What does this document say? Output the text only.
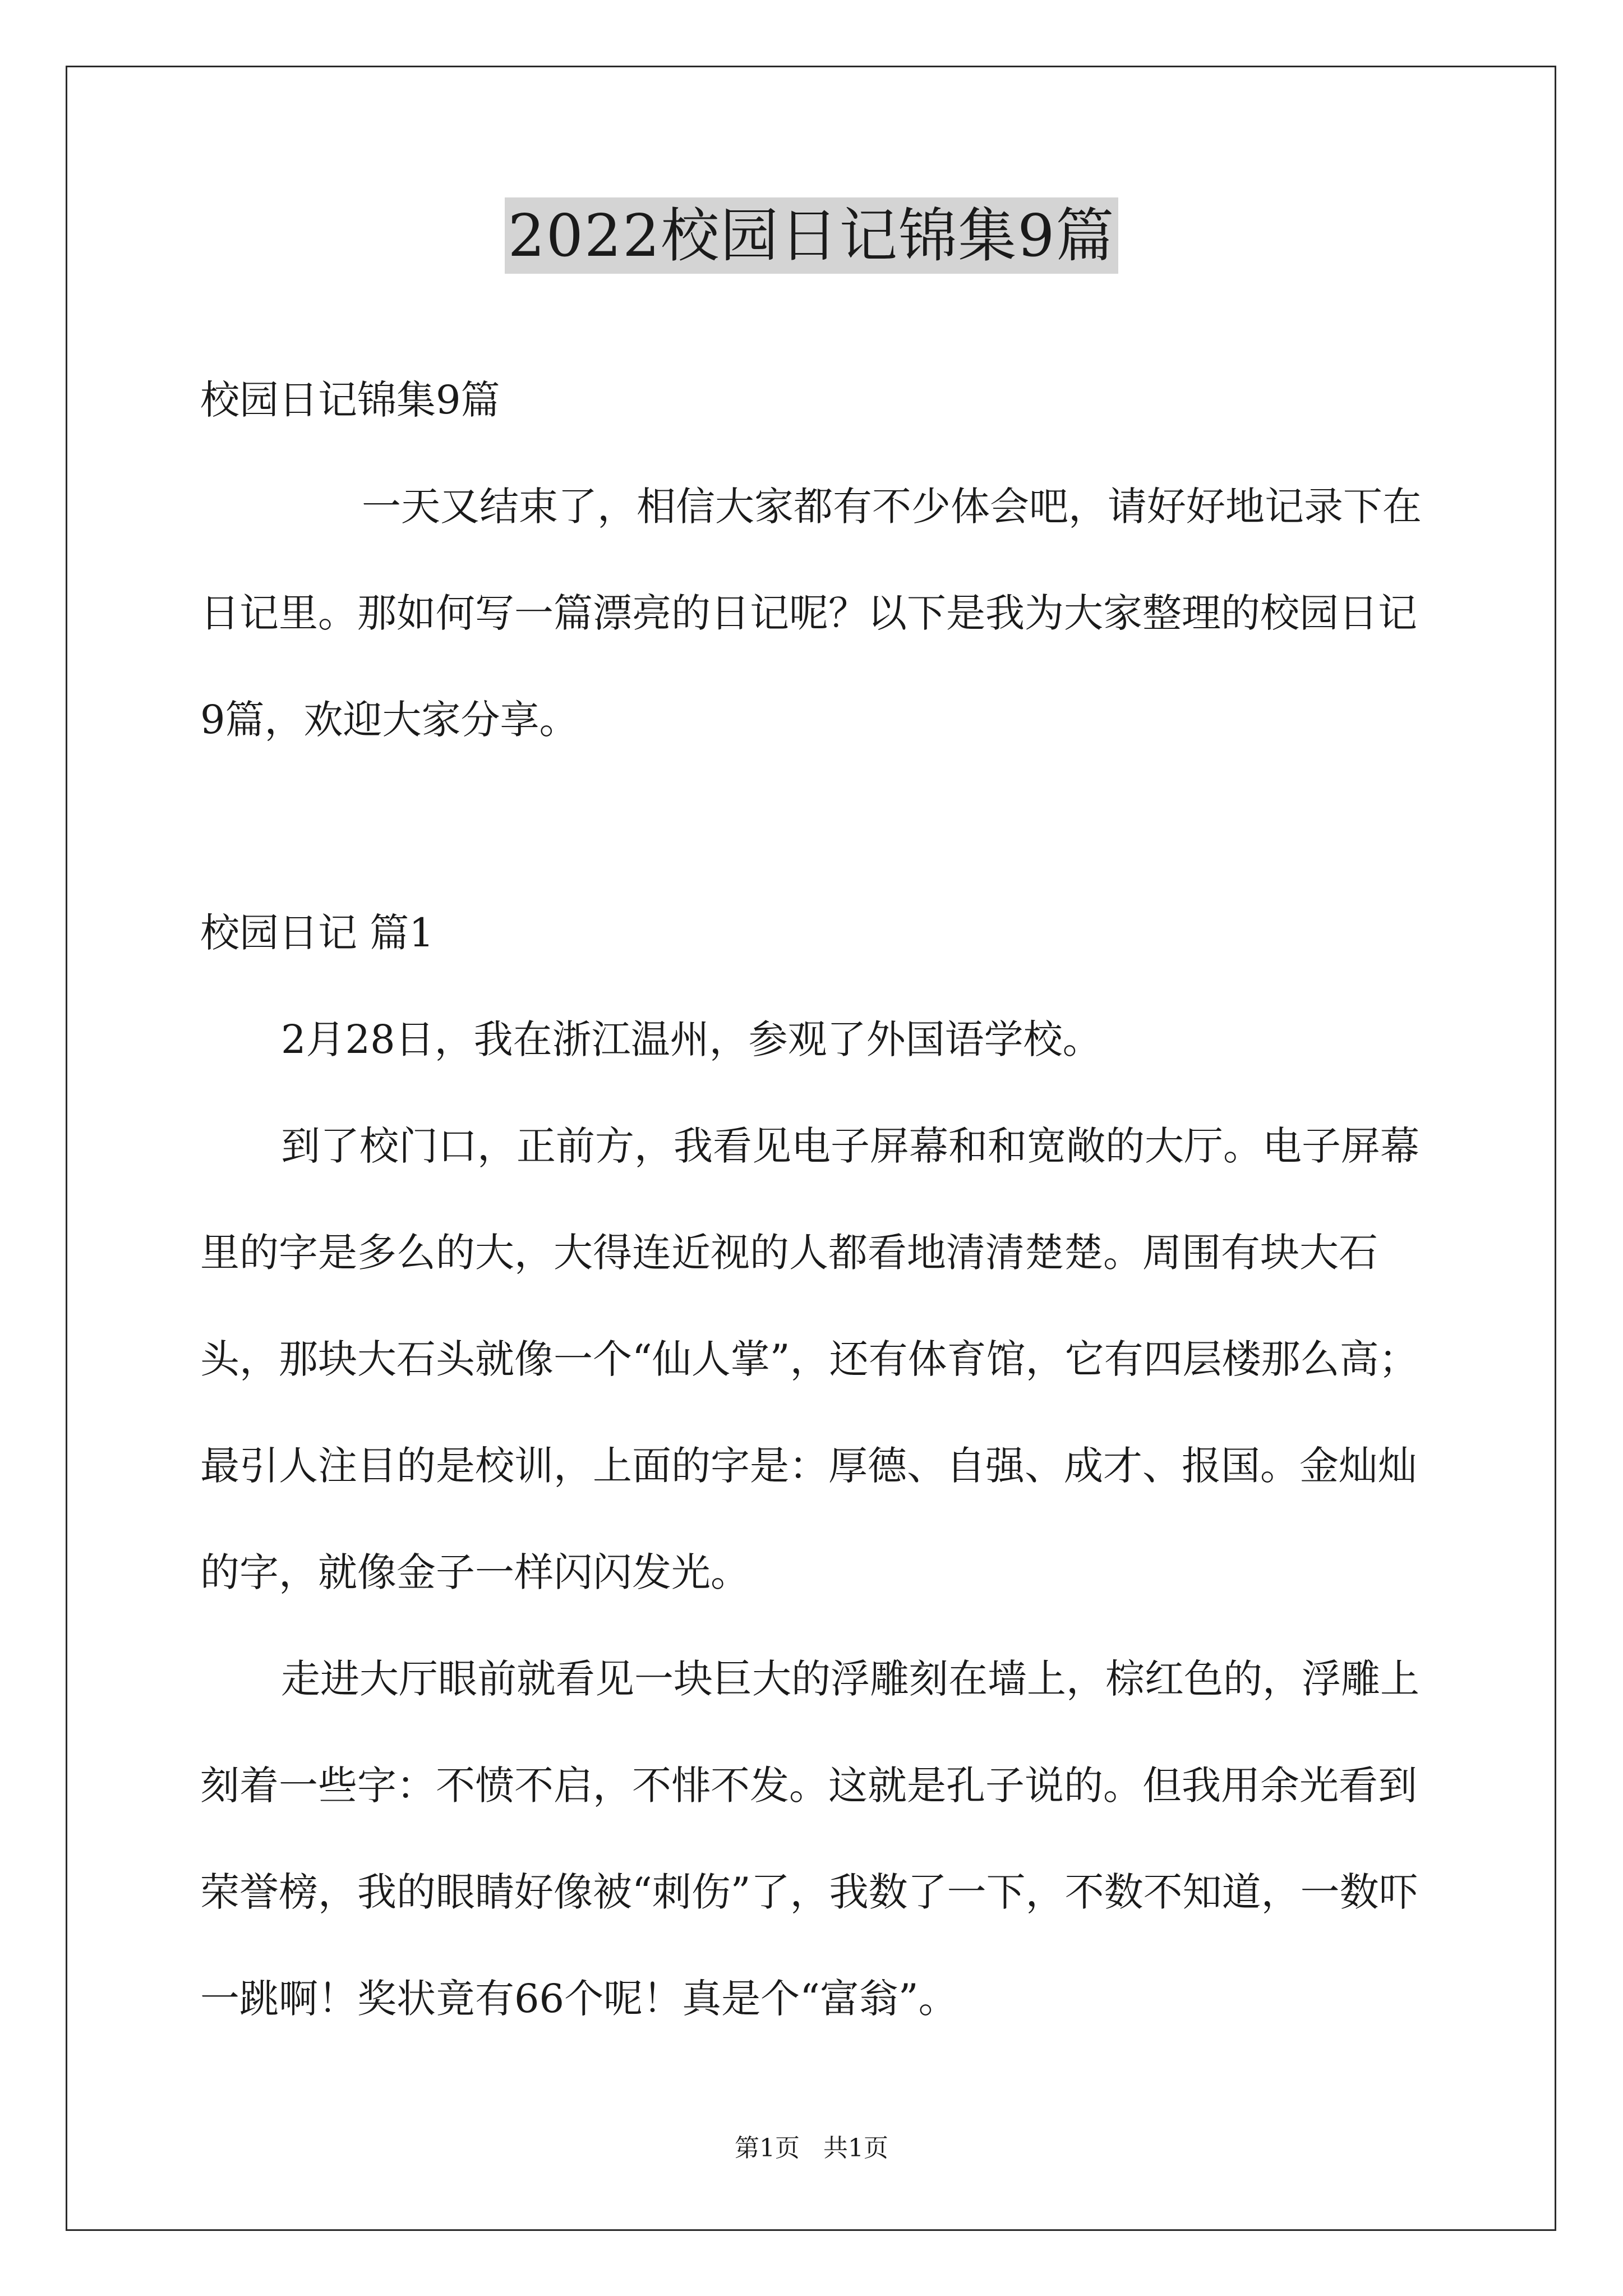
2022校园日记锦集9篇

校园日记锦集9篇

一天又结束了，相信大家都有不少体会吧，请好好地记录下在日记里。那如何写一篇漂亮的日记呢？以下是我为大家整理的校园日记9篇，欢迎大家分享。

校园日记 篇1

2月28日，我在浙江温州，参观了外国语学校。

到了校门口，正前方，我看见电子屏幕和和宽敞的大厅。电子屏幕里的字是多么的大，大得连近视的人都看地清清楚楚。周围有块大石头，那块大石头就像一个“仙人掌”，还有体育馆，它有四层楼那么高；最引人注目的是校训，上面的字是：厚德、自强、成才、报国。金灿灿的字，就像金子一样闪闪发光。

走进大厅眼前就看见一块巨大的浮雕刻在墙上，棕红色的，浮雕上刻着一些字：不愤不启，不悱不发。这就是孔子说的。但我用余光看到荣誉榜，我的眼睛好像被“刺伤”了，我数了一下，不数不知道，一数吓一跳啊！奖状竟有66个呢！真是个“富翁”。

第1页 共1页
